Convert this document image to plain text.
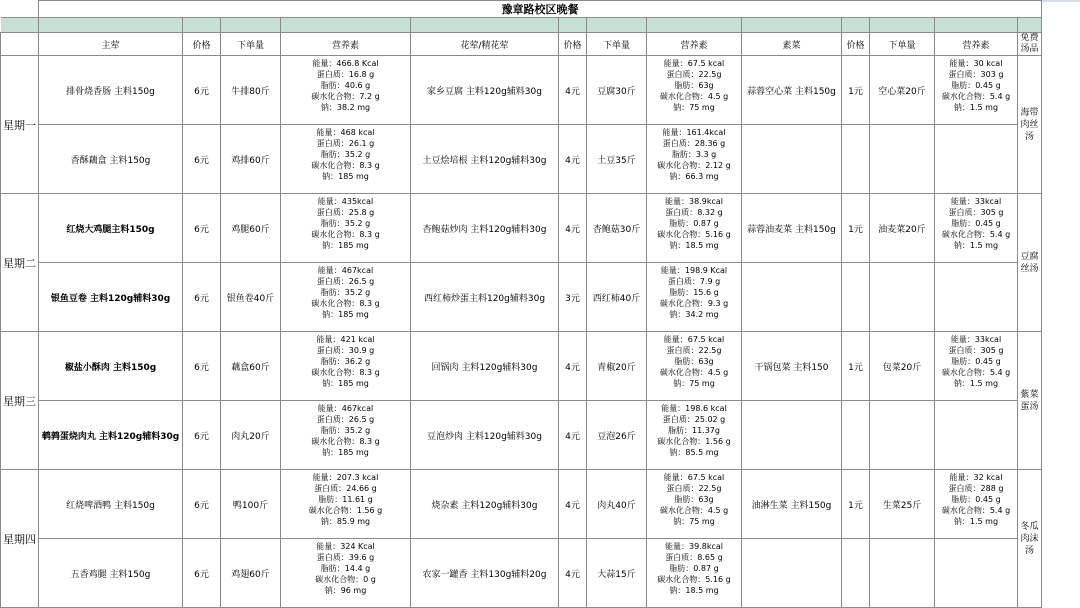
	豫章路校区晚餐												

	主荤	价格	下单量	营养素	花荤/精花荤	价格	下单量	营养素	素菜	价格	下单量	营养素	免费汤品
星期一	排骨烧香肠 主料150g	6元	牛排80斤	能量：466.8 Kcal
蛋白质：16.8 g
脂肪：40.6 g
碳水化合物：7.2 g
钠：38.2 mg	家乡豆腐 主料120g辅料30g	4元	豆腐30斤	能量：67.5 kcal
蛋白质：22.5g
脂肪：63g
碳水化合物：4.5 g
钠：75 mg	蒜蓉空心菜 主料150g	1元	空心菜20斤	能量：30 kcal
蛋白质：303 g
脂肪：0.45 g
碳水化合物：5.4 g
钠：1.5 mg	海带肉丝汤
	香酥藕盒 主料150g	6元	鸡排60斤	能量：468 kcal
蛋白质：26.1 g
脂肪：35.2 g
碳水化合物：8.3 g
钠：185 mg	土豆烩培根 主料120g辅料30g	4元	土豆35斤	能量：161.4kcal
蛋白质：28.36 g
脂肪：3.3 g
碳水化合物：2.12 g
钠：66.3 mg					

星期二	红烧大鸡腿主料150g	6元	鸡腿60斤	能量：435kcal
蛋白质：25.8 g
脂肪：35.2 g
碳水化合物：8.3 g
钠：185 mg	杏鲍菇炒肉 主料120g辅料30g	4元	杏鲍菇30斤	能量：38.9kcal
蛋白质：8.32 g
脂肪：0.87 g
碳水化合物：5.16 g
钠：18.5 mg	蒜蓉油麦菜 主料150g	1元	油麦菜20斤	能量：33kcal
蛋白质：305 g
脂肪：0.45 g
碳水化合物：5.4 g
钠：1.5 mg	豆腐丝汤
	银鱼豆卷 主料120g辅料30g	6元	银鱼卷40斤	能量：467kcal
蛋白质：26.5 g
脂肪：35.2 g
碳水化合物：8.3 g
钠：185 mg	西红柿炒蛋主料120g辅料30g	3元	西红柿40斤	能量：198.9 Kcal
蛋白质：7.9 g
脂肪：15.6 g
碳水化合物：9.3 g
钠：34.2 mg					

星期三	椒盐小酥肉 主料150g	6元	藕盒60斤	能量：421 kcal
蛋白质：30.9 g
脂肪：36.2 g
碳水化合物：8.3 g
钠：185 mg	回锅肉 主料120g辅料30g	4元	青椒20斤	能量：67.5 kcal
蛋白质：22.5g
脂肪：63g
碳水化合物：4.5 g
钠：75 mg	干锅包菜 主料150	1元	包菜20斤	能量：33kcal
蛋白质：305 g
脂肪：0.45 g
碳水化合物：5.4 g
钠：1.5 mg	紫菜蛋汤
	鹌鹑蛋烧肉丸 主料120g辅料30g	6元	肉丸20斤	能量：467kcal
蛋白质：26.5 g
脂肪：35.2 g
碳水化合物：8.3 g
钠：185 mg	豆泡炒肉 主料120g辅料30g	4元	豆泡26斤	能量：198.6 kcal
蛋白质：25.02 g
脂肪：11.37g
碳水化合物：1.56 g
钠：85.5 mg					

星期四	红烧啤酒鸭 主料150g	6元	鸭100斤	能量：207.3 kcal
蛋白质：24.66 g
脂肪：11.61 g
碳水化合物：1.56 g
钠：85.9 mg	烧杂素 主料120g辅料30g	4元	肉丸40斤	能量：67.5 kcal
蛋白质：22.5g
脂肪：63g
碳水化合物：4.5 g
钠：75 mg	油淋生菜 主料150g	1元	生菜25斤	能量：32 kcal
蛋白质：288 g
脂肪：0.45 g
碳水化合物：5.4 g
钠：1.5 mg	冬瓜肉沫汤
	五香鸡腿 主料150g	6元	鸡翅60斤	能量：324 Kcal
蛋白质：39.6 g
脂肪：14.4 g
碳水化合物：0 g
钠：96 mg	农家一罐香 主料130g辅料20g	4元	大蒜15斤	能量：39.8kcal
蛋白质：8.65 g
脂肪：0.87 g
碳水化合物：5.16 g
钠：18.5 mg					
